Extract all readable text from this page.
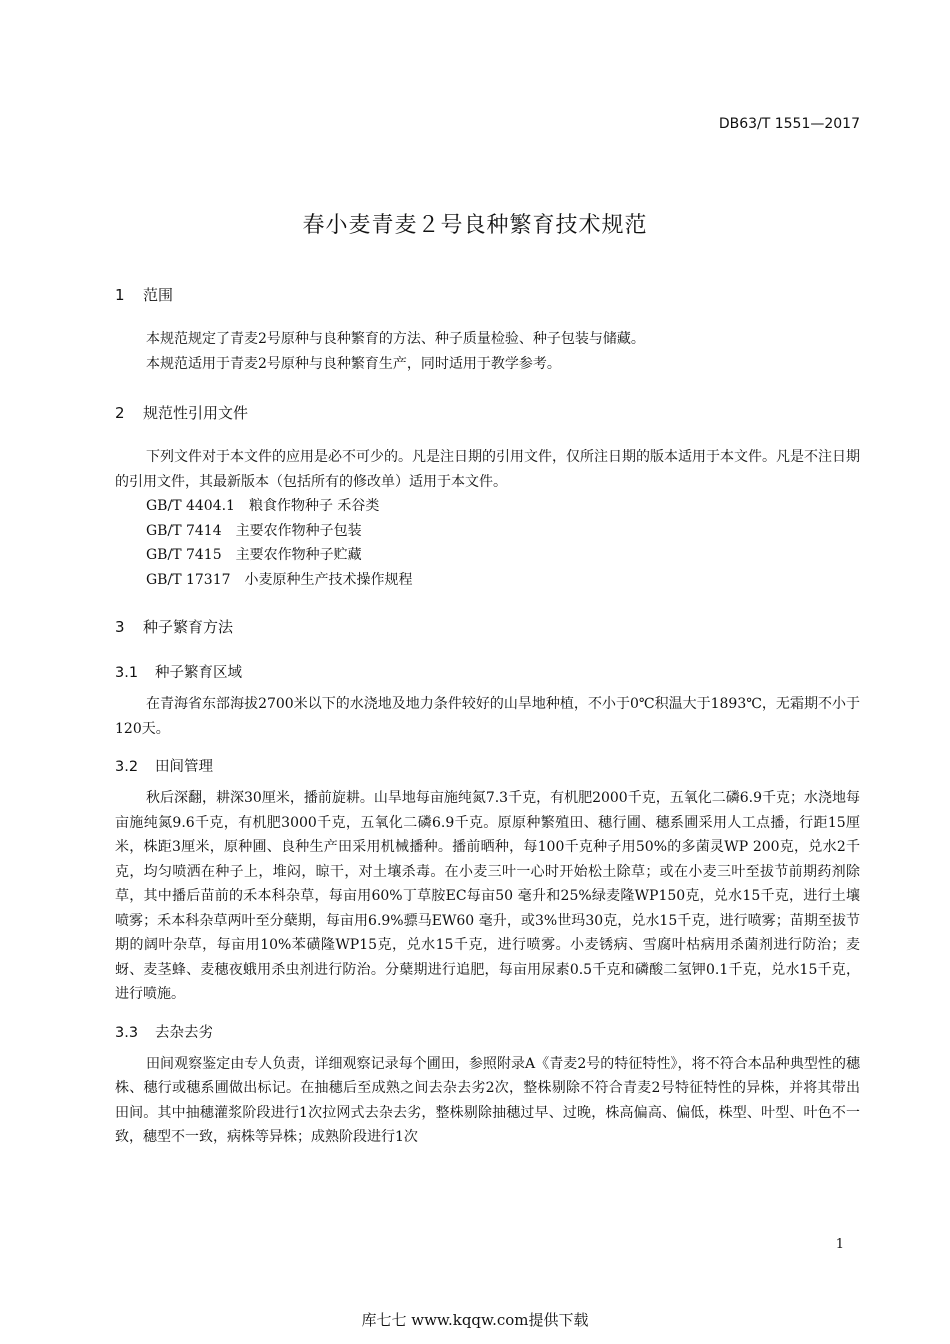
DB63/T 1551—2017
春小麦青麦２号良种繁育技术规范
1 范围

本规范规定了青麦2号原种与良种繁育的方法、种子质量检验、种子包装与储藏。

本规范适用于青麦2号原种与良种繁育生产，同时适用于教学参考。

2 规范性引用文件

下列文件对于本文件的应用是必不可少的。凡是注日期的引用文件，仅所注日期的版本适用于本文件。凡是不注日期的引用文件，其最新版本（包括所有的修改单）适用于本文件。

GB/T 4404.1　粮食作物种子 禾谷类

GB/T 7414　主要农作物种子包装

GB/T 7415　主要农作物种子贮藏

GB/T 17317　小麦原种生产技术操作规程

3 种子繁育方法
3.1 种子繁育区域

在青海省东部海拔2700米以下的水浇地及地力条件较好的山旱地种植，不小于0℃积温大于1893℃，无霜期不小于120天。

3.2 田间管理

秋后深翻，耕深30厘米，播前旋耕。山旱地每亩施纯氮7.3千克，有机肥2000千克，五氧化二磷6.9千克；水浇地每亩施纯氮9.6千克，有机肥3000千克，五氧化二磷6.9千克。原原种繁殖田、穗行圃、穗系圃采用人工点播，行距15厘米，株距3厘米，原种圃、良种生产田采用机械播种。播前晒种，每100千克种子用50%的多菌灵WP 200克，兑水2千克，均匀喷洒在种子上，堆闷，晾干，对土壤杀毒。在小麦三叶一心时开始松土除草；或在小麦三叶至拔节前期药剂除草，其中播后苗前的禾本科杂草，每亩用60%丁草胺EC每亩50 毫升和25%绿麦隆WP150克，兑水15千克，进行土壤喷雾；禾本科杂草两叶至分蘖期，每亩用6.9%骠马EW60 毫升，或3%世玛30克，兑水15千克，进行喷雾；苗期至拔节期的阔叶杂草，每亩用10%苯磺隆WP15克，兑水15千克，进行喷雾。小麦锈病、雪腐叶枯病用杀菌剂进行防治；麦蚜、麦茎蜂、麦穗夜蛾用杀虫剂进行防治。分蘖期进行追肥，每亩用尿素0.5千克和磷酸二氢钾0.1千克，兑水15千克，进行喷施。

3.3 去杂去劣

田间观察鉴定由专人负责，详细观察记录每个圃田，参照附录A《青麦2号的特征特性》，将不符合本品种典型性的穗株、穗行或穗系圃做出标记。在抽穗后至成熟之间去杂去劣2次，整株剔除不符合青麦2号特征特性的异株，并将其带出田间。其中抽穗灌浆阶段进行1次拉网式去杂去劣，整株剔除抽穗过早、过晚，株高偏高、偏低，株型、叶型、叶色不一致，穗型不一致，病株等异株；成熟阶段进行1次

1
库七七 www.kqqw.com提供下载
